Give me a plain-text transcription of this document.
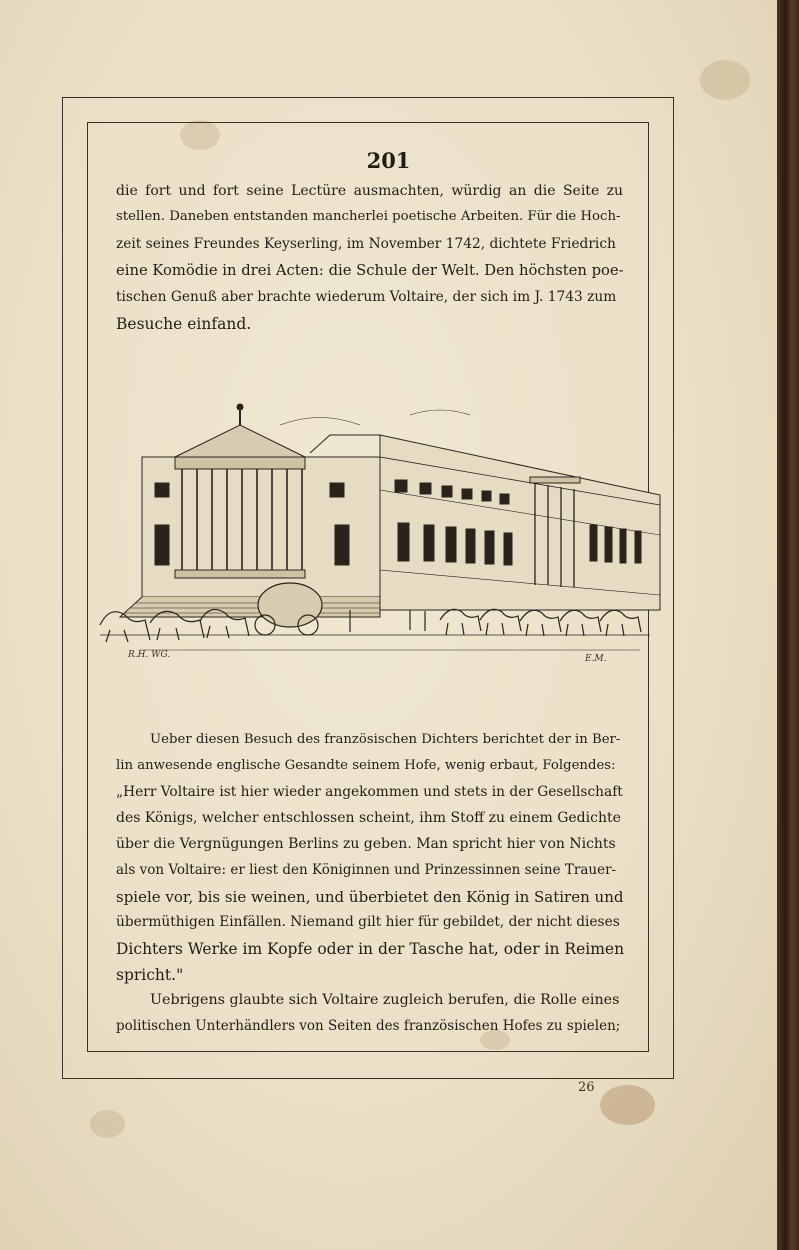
201
die fort und fort seine Lectüre ausmachten, würdig an die Seite zu
stellen. Daneben entstanden mancherlei poetische Arbeiten. Für die Hoch-
zeit seines Freundes Keyserling, im November 1742, dichtete Friedrich
eine Komödie in drei Acten: die Schule der Welt. Den höchsten poe-
tischen Genuß aber brachte wiederum Voltaire, der sich im J. 1743 zum
Besuche einfand.
R.H. WG.	E.M.
Ueber diesen Besuch des französischen Dichters berichtet der in Ber-
lin anwesende englische Gesandte seinem Hofe, wenig erbaut, Folgendes:
„Herr Voltaire ist hier wieder angekommen und stets in der Gesellschaft
des Königs, welcher entschlossen scheint, ihm Stoff zu einem Gedichte
über die Vergnügungen Berlins zu geben. Man spricht hier von Nichts
als von Voltaire: er liest den Königinnen und Prinzessinnen seine Trauer-
spiele vor, bis sie weinen, und überbietet den König in Satiren und
übermüthigen Einfällen. Niemand gilt hier für gebildet, der nicht dieses
Dichters Werke im Kopfe oder in der Tasche hat, oder in Reimen
spricht."
Uebrigens glaubte sich Voltaire zugleich berufen, die Rolle eines
politischen Unterhändlers von Seiten des französischen Hofes zu spielen;
26
